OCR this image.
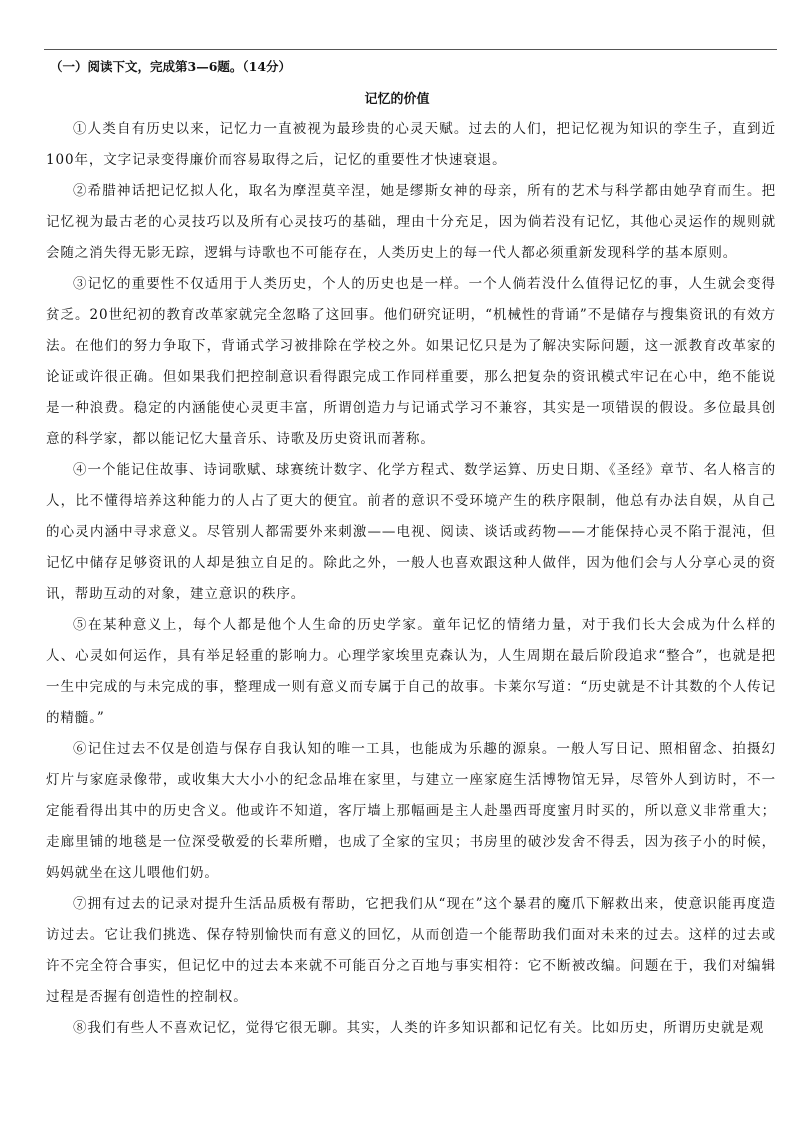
（一）阅读下文，完成第3—6题。（14分）
记忆的价值

①人类自有历史以来，记忆力一直被视为最珍贵的心灵天赋。过去的人们，把记忆视为知识的孪生子，直到近100年，文字记录变得廉价而容易取得之后，记忆的重要性才快速衰退。

②希腊神话把记忆拟人化，取名为摩涅莫辛涅，她是缪斯女神的母亲，所有的艺术与科学都由她孕育而生。把记忆视为最古老的心灵技巧以及所有心灵技巧的基础，理由十分充足，因为倘若没有记忆，其他心灵运作的规则就会随之消失得无影无踪，逻辑与诗歌也不可能存在，人类历史上的每一代人都必须重新发现科学的基本原则。

③记忆的重要性不仅适用于人类历史，个人的历史也是一样。一个人倘若没什么值得记忆的事，人生就会变得贫乏。20世纪初的教育改革家就完全忽略了这回事。他们研究证明，“机械性的背诵”不是储存与搜集资讯的有效方法。在他们的努力争取下，背诵式学习被排除在学校之外。如果记忆只是为了解决实际问题，这一派教育改革家的论证或许很正确。但如果我们把控制意识看得跟完成工作同样重要，那么把复杂的资讯模式牢记在心中，绝不能说是一种浪费。稳定的内涵能使心灵更丰富，所谓创造力与记诵式学习不兼容，其实是一项错误的假设。多位最具创意的科学家，都以能记忆大量音乐、诗歌及历史资讯而著称。

④一个能记住故事、诗词歌赋、球赛统计数字、化学方程式、数学运算、历史日期、《圣经》章节、名人格言的人，比不懂得培养这种能力的人占了更大的便宜。前者的意识不受环境产生的秩序限制，他总有办法自娱，从自己的心灵内涵中寻求意义。尽管别人都需要外来刺激——电视、阅读、谈话或药物——才能保持心灵不陷于混沌，但记忆中储存足够资讯的人却是独立自足的。除此之外，一般人也喜欢跟这种人做伴，因为他们会与人分享心灵的资讯，帮助互动的对象，建立意识的秩序。

⑤在某种意义上，每个人都是他个人生命的历史学家。童年记忆的情绪力量，对于我们长大会成为什么样的人、心灵如何运作，具有举足轻重的影响力。心理学家埃里克森认为，人生周期在最后阶段追求“整合”，也就是把一生中完成的与未完成的事，整理成一则有意义而专属于自己的故事。卡莱尔写道：“历史就是不计其数的个人传记的精髓。”

⑥记住过去不仅是创造与保存自我认知的唯一工具，也能成为乐趣的源泉。一般人写日记、照相留念、拍摄幻灯片与家庭录像带，或收集大大小小的纪念品堆在家里，与建立一座家庭生活博物馆无异，尽管外人到访时，不一定能看得出其中的历史含义。他或许不知道，客厅墙上那幅画是主人赴墨西哥度蜜月时买的，所以意义非常重大；走廊里铺的地毯是一位深受敬爱的长辈所赠，也成了全家的宝贝；书房里的破沙发舍不得丢，因为孩子小的时候，妈妈就坐在这儿喂他们奶。

⑦拥有过去的记录对提升生活品质极有帮助，它把我们从“现在”这个暴君的魔爪下解救出来，使意识能再度造访过去。它让我们挑选、保存特别愉快而有意义的回忆，从而创造一个能帮助我们面对未来的过去。这样的过去或许不完全符合事实，但记忆中的过去本来就不可能百分之百地与事实相符：它不断被改编。问题在于，我们对编辑过程是否握有创造性的控制权。

⑧我们有些人不喜欢记忆，觉得它很无聊。其实，人类的许多知识都和记忆有关。比如历史，所谓历史就是观
